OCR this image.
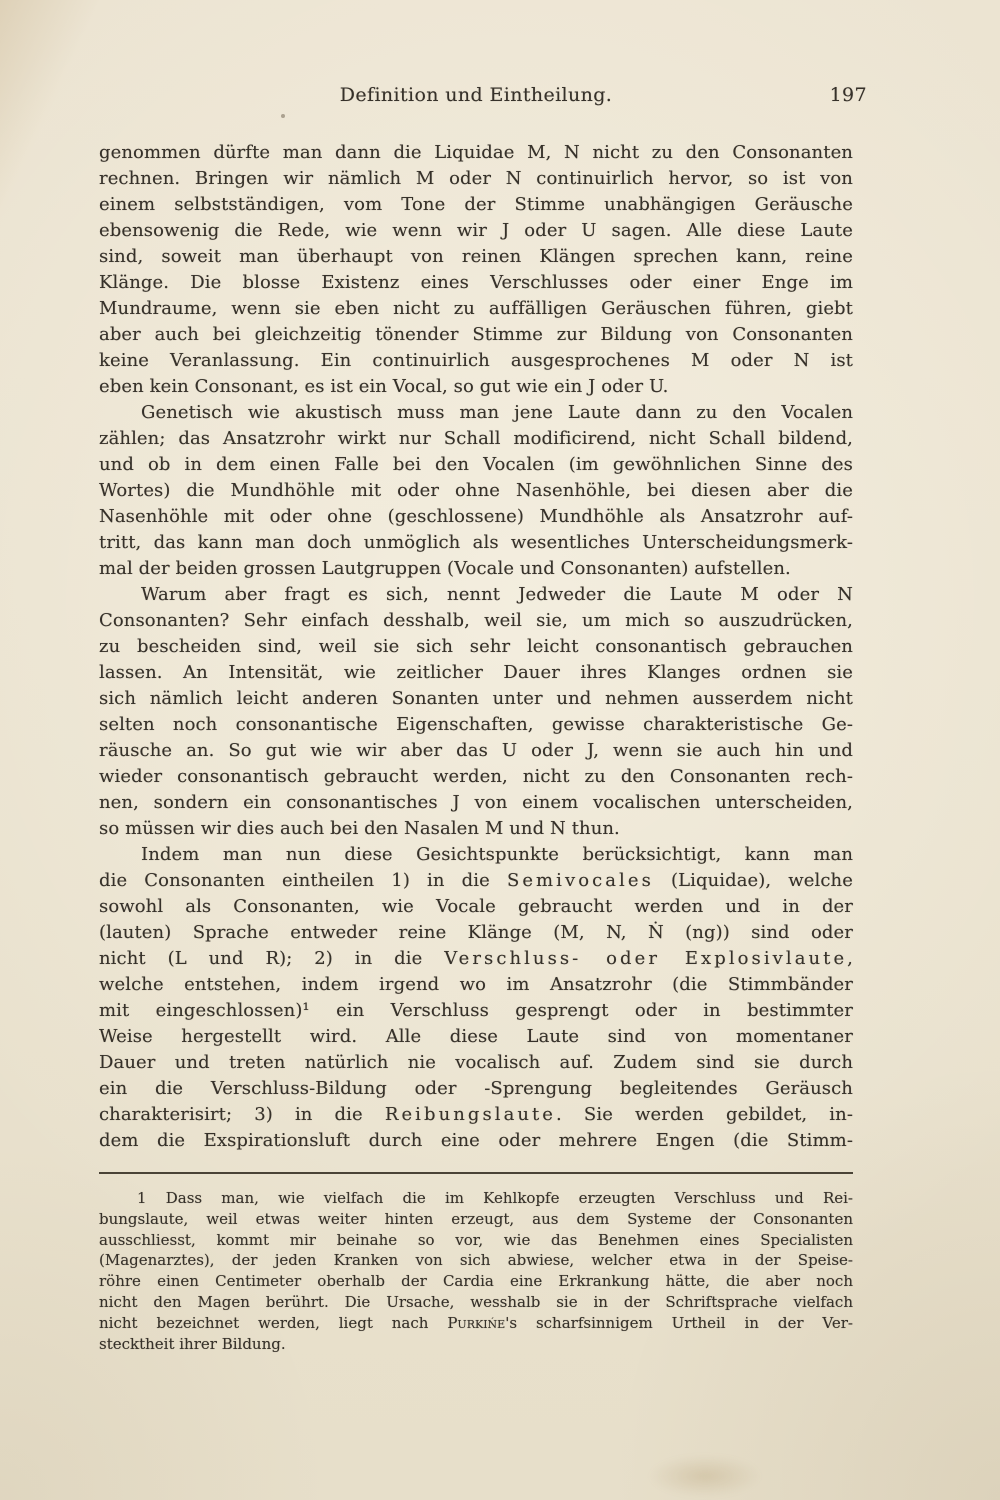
Definition und Eintheilung.	197
genommen dürfte man dann die Liquidae M, N nicht zu den Consonanten
rechnen. Bringen wir nämlich M oder N continuirlich hervor, so ist von
einem selbstständigen, vom Tone der Stimme unabhängigen Geräusche
ebensowenig die Rede, wie wenn wir J oder U sagen. Alle diese Laute
sind, soweit man überhaupt von reinen Klängen sprechen kann, reine
Klänge. Die blosse Existenz eines Verschlusses oder einer Enge im
Mundraume, wenn sie eben nicht zu auffälligen Geräuschen führen, giebt
aber auch bei gleichzeitig tönender Stimme zur Bildung von Consonanten
keine Veranlassung. Ein continuirlich ausgesprochenes M oder N ist
eben kein Consonant, es ist ein Vocal, so gut wie ein J oder U.
Genetisch wie akustisch muss man jene Laute dann zu den Vocalen
zählen; das Ansatzrohr wirkt nur Schall modificirend, nicht Schall bildend,
und ob in dem einen Falle bei den Vocalen (im gewöhnlichen Sinne des
Wortes) die Mundhöhle mit oder ohne Nasenhöhle, bei diesen aber die
Nasenhöhle mit oder ohne (geschlossene) Mundhöhle als Ansatzrohr auf-
tritt, das kann man doch unmöglich als wesentliches Unterscheidungsmerk-
mal der beiden grossen Lautgruppen (Vocale und Consonanten) aufstellen.
Warum aber fragt es sich, nennt Jedweder die Laute M oder N
Consonanten? Sehr einfach desshalb, weil sie, um mich so auszudrücken,
zu bescheiden sind, weil sie sich sehr leicht consonantisch gebrauchen
lassen. An Intensität, wie zeitlicher Dauer ihres Klanges ordnen sie
sich nämlich leicht anderen Sonanten unter und nehmen ausserdem nicht
selten noch consonantische Eigenschaften, gewisse charakteristische Ge-
räusche an. So gut wie wir aber das U oder J, wenn sie auch hin und
wieder consonantisch gebraucht werden, nicht zu den Consonanten rech-
nen, sondern ein consonantisches J von einem vocalischen unterscheiden,
so müssen wir dies auch bei den Nasalen M und N thun.
Indem man nun diese Gesichtspunkte berücksichtigt, kann man
die Consonanten eintheilen 1) in die Semivocales (Liquidae), welche
sowohl als Consonanten, wie Vocale gebraucht werden und in der
(lauten) Sprache entweder reine Klänge (M, N, Ṅ (ng)) sind oder
nicht (L und R); 2) in die Verschluss- oder Explosivlaute,
welche entstehen, indem irgend wo im Ansatzrohr (die Stimmbänder
mit eingeschlossen)¹ ein Verschluss gesprengt oder in bestimmter
Weise hergestellt wird. Alle diese Laute sind von momentaner
Dauer und treten natürlich nie vocalisch auf. Zudem sind sie durch
ein die Verschluss-Bildung oder -Sprengung begleitendes Geräusch
charakterisirt; 3) in die Reibungslaute. Sie werden gebildet, in-
dem die Exspirationsluft durch eine oder mehrere Engen (die Stimm-
1 Dass man, wie vielfach die im Kehlkopfe erzeugten Verschluss und Rei-
bungslaute, weil etwas weiter hinten erzeugt, aus dem Systeme der Consonanten
ausschliesst, kommt mir beinahe so vor, wie das Benehmen eines Specialisten
(Magenarztes), der jeden Kranken von sich abwiese, welcher etwa in der Speise-
röhre einen Centimeter oberhalb der Cardia eine Erkrankung hätte, die aber noch
nicht den Magen berührt. Die Ursache, wesshalb sie in der Schriftsprache vielfach
nicht bezeichnet werden, liegt nach Purkińe's scharfsinnigem Urtheil in der Ver-
stecktheit ihrer Bildung.
